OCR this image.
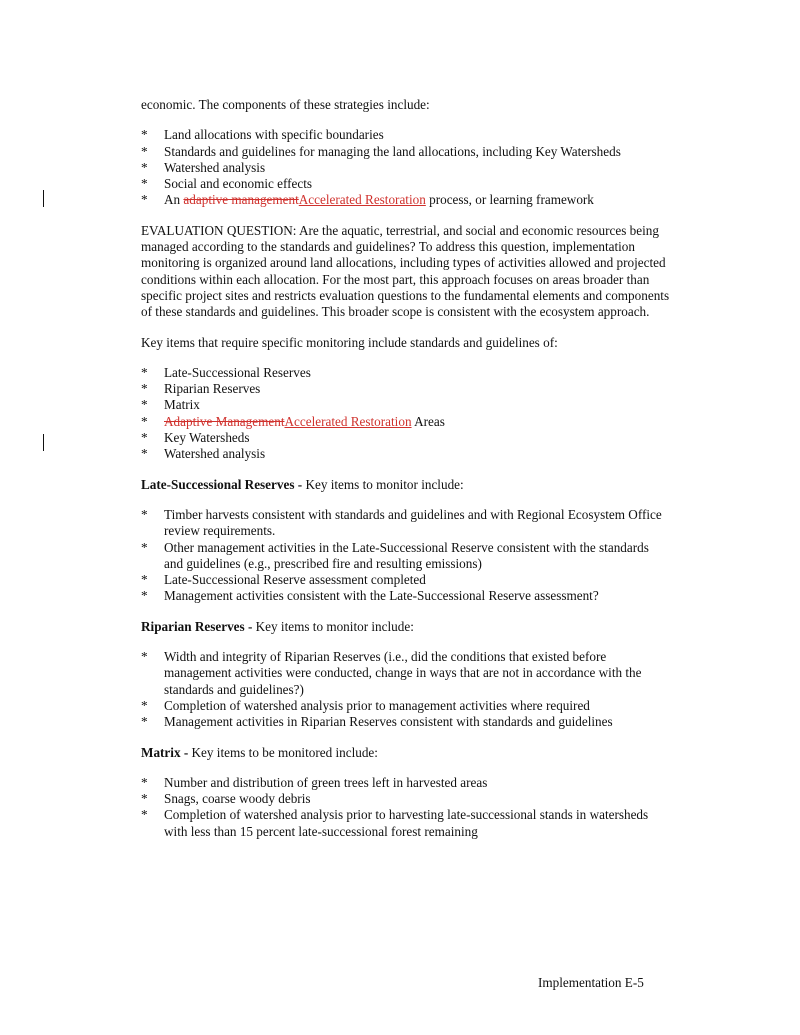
economic. The components of these strategies include:

* Land allocations with specific boundaries
* Standards and guidelines for managing the land allocations, including Key Watersheds
* Watershed analysis
* Social and economic effects
* An adaptive managementAccelerated Restoration process, or learning framework

EVALUATION QUESTION: Are the aquatic, terrestrial, and social and economic resources being managed according to the standards and guidelines? To address this question, implementation monitoring is organized around land allocations, including types of activities allowed and projected conditions within each allocation. For the most part, this approach focuses on areas broader than specific project sites and restricts evaluation questions to the fundamental elements and components of these standards and guidelines. This broader scope is consistent with the ecosystem approach.

Key items that require specific monitoring include standards and guidelines of:

* Late-Successional Reserves
* Riparian Reserves
* Matrix
* Adaptive ManagementAccelerated Restoration Areas
* Key Watersheds
* Watershed analysis

Late-Successional Reserves - Key items to monitor include:

* Timber harvests consistent with standards and guidelines and with Regional Ecosystem Office review requirements.
* Other management activities in the Late-Successional Reserve consistent with the standards and guidelines (e.g., prescribed fire and resulting emissions)
* Late-Successional Reserve assessment completed
* Management activities consistent with the Late-Successional Reserve assessment?

Riparian Reserves - Key items to monitor include:

* Width and integrity of Riparian Reserves (i.e., did the conditions that existed before management activities were conducted, change in ways that are not in accordance with the standards and guidelines?)
* Completion of watershed analysis prior to management activities where required
* Management activities in Riparian Reserves consistent with standards and guidelines

Matrix - Key items to be monitored include:

* Number and distribution of green trees left in harvested areas
* Snags, coarse woody debris
* Completion of watershed analysis prior to harvesting late-successional stands in watersheds with less than 15 percent late-successional forest remaining
Implementation E-5
